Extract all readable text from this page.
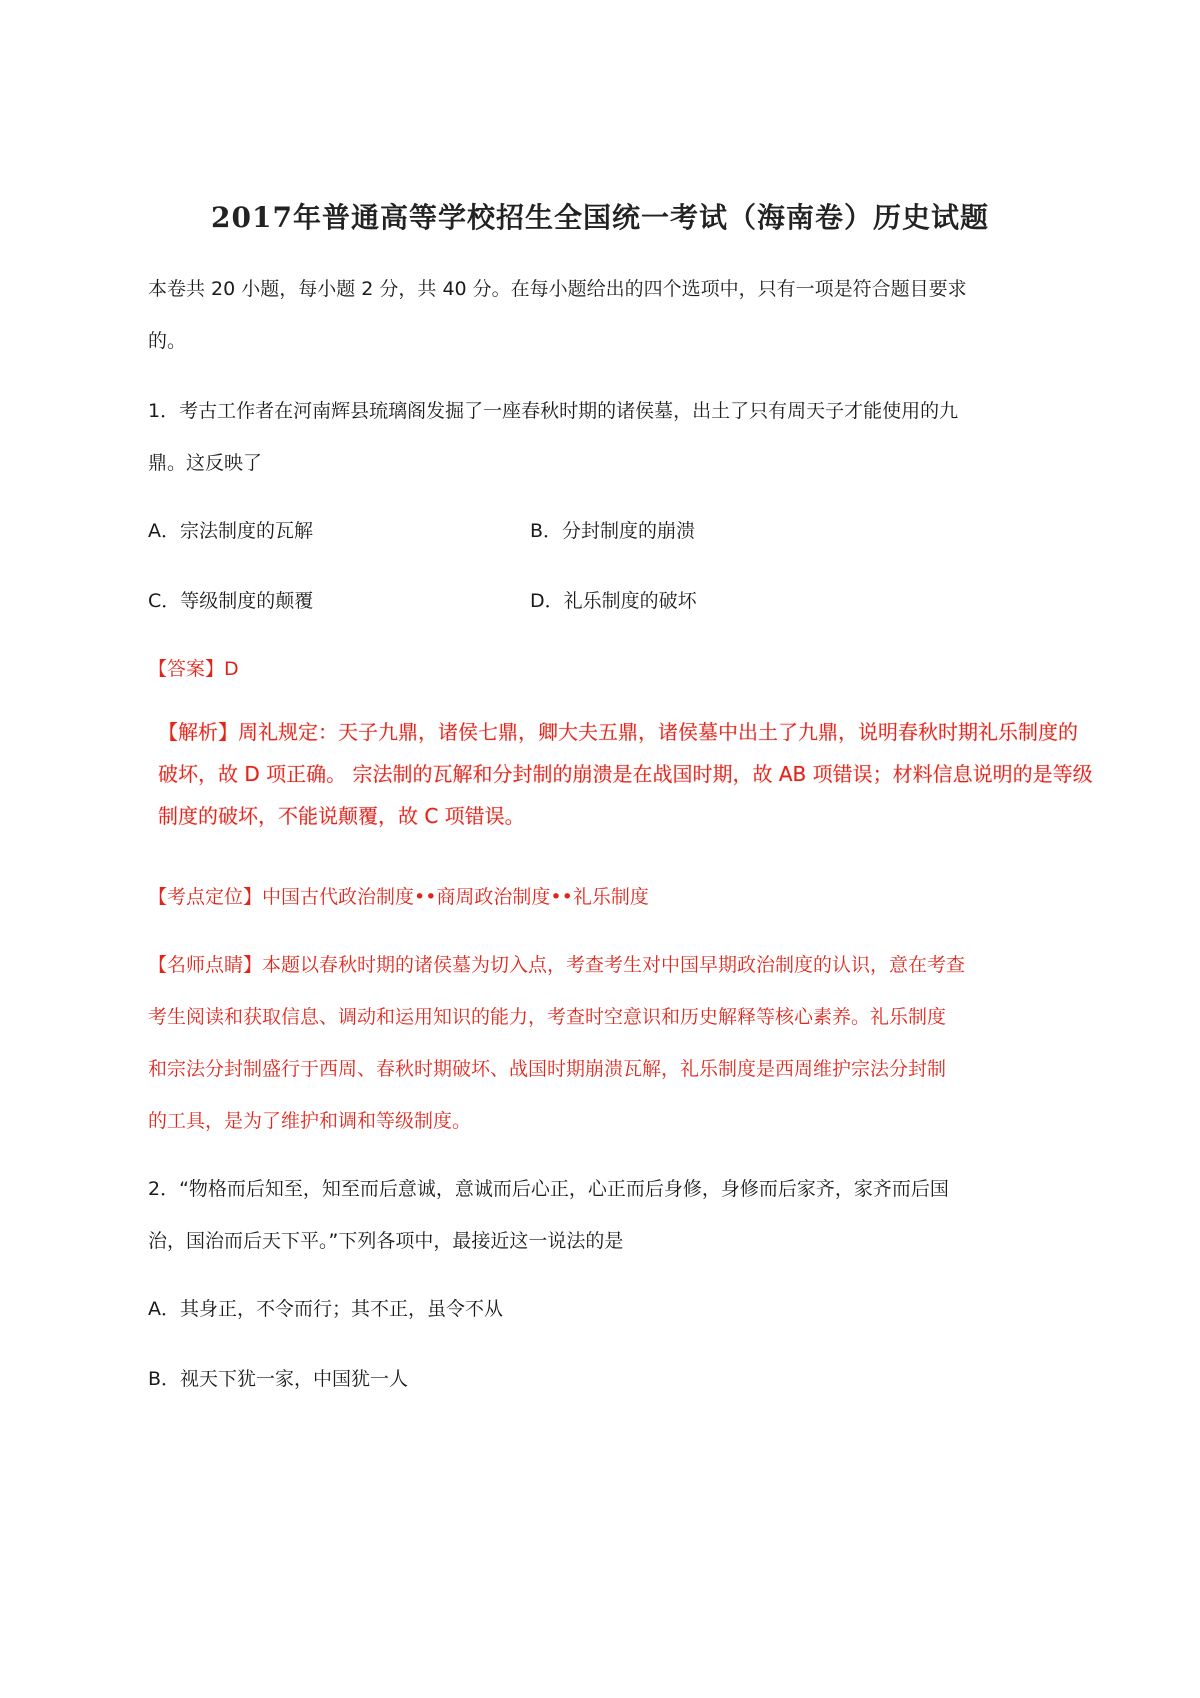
2017年普通高等学校招生全国统一考试（海南卷）历史试题
本卷共 20 小题，每小题 2 分，共 40 分。在每小题给出的四个选项中，只有一项是符合题目要求
的。
1．考古工作者在河南辉县琉璃阁发掘了一座春秋时期的诸侯墓，出土了只有周天子才能使用的九
鼎。这反映了
A．宗法制度的瓦解	B．分封制度的崩溃
C．等级制度的颠覆	D．礼乐制度的破坏
【答案】D
【解析】周礼规定：天子九鼎，诸侯七鼎，卿大夫五鼎，诸侯墓中出土了九鼎，说明春秋时期礼乐制度的
破坏，故 D 项正确。 宗法制的瓦解和分封制的崩溃是在战国时期，故 AB 项错误；材料信息说明的是等级
制度的破坏，不能说颠覆，故 C 项错误。
【考点定位】中国古代政治制度••商周政治制度••礼乐制度
【名师点睛】本题以春秋时期的诸侯墓为切入点，考查考生对中国早期政治制度的认识，意在考查
考生阅读和获取信息、调动和运用知识的能力，考查时空意识和历史解释等核心素养。礼乐制度
和宗法分封制盛行于西周、春秋时期破坏、战国时期崩溃瓦解，礼乐制度是西周维护宗法分封制
的工具，是为了维护和调和等级制度。
2．“物格而后知至，知至而后意诚，意诚而后心正，心正而后身修，身修而后家齐，家齐而后国
治，国治而后天下平。”下列各项中，最接近这一说法的是
A．其身正，不令而行；其不正，虽令不从
B．视天下犹一家，中国犹一人
